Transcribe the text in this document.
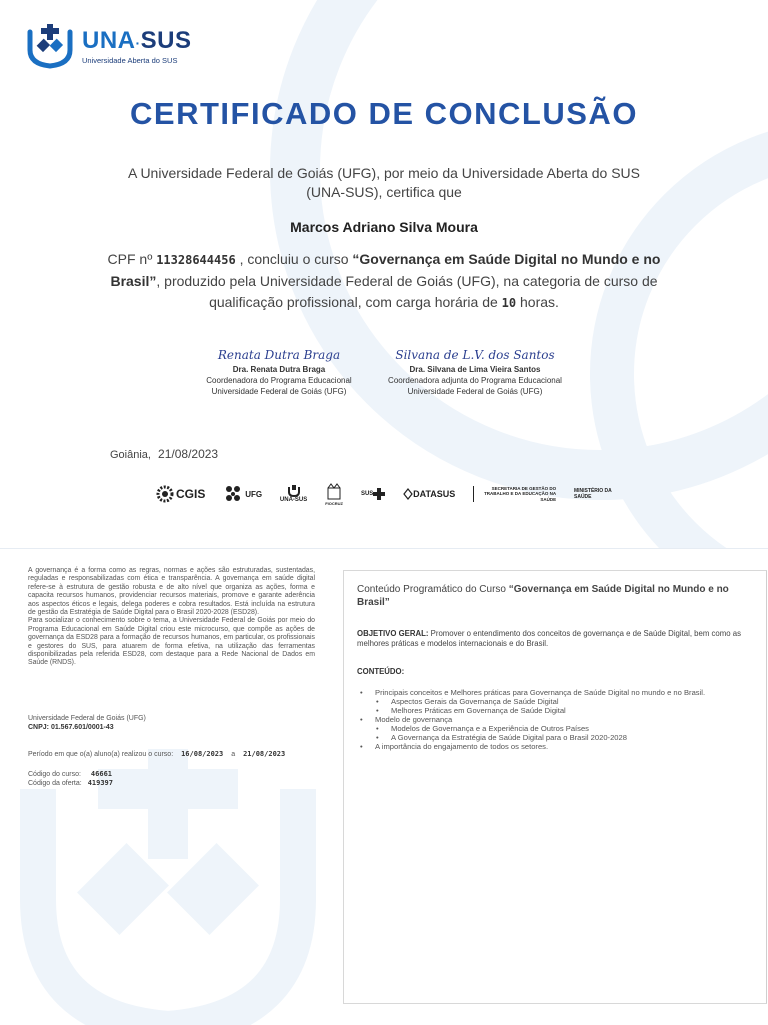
UNA·SUS
Universidade Aberta do SUS
CERTIFICADO DE CONCLUSÃO
A Universidade Federal de Goiás (UFG), por meio da Universidade Aberta do SUS (UNA-SUS), certifica que
Marcos Adriano Silva Moura
CPF nº 11328644456 , concluiu o curso “Governança em Saúde Digital no Mundo e no Brasil”, produzido pela Universidade Federal de Goiás (UFG), na categoria de curso de qualificação profissional, com carga horária de 10 horas.
Renata Dutra Braga
Dra. Renata Dutra Braga
Coordenadora do Programa Educacional
Universidade Federal de Goiás (UFG)
Silvana de L.V. dos Santos
Dra. Silvana de Lima Vieira Santos
Coordenadora adjunta do Programa Educacional
Universidade Federal de Goiás (UFG)
Goiânia, 21/08/2023
CGIS	UFG
UNA-SUS	FIOCRUZ
SUS	DATASUS
SECRETARIA DE GESTÃO DO TRABALHO E DA EDUCAÇÃO NA SAÚDE
MINISTÉRIO DA SAÚDE

A governança é a forma como as regras, normas e ações são estruturadas, sustentadas, reguladas e responsabilizadas com ética e transparência. A governança em saúde digital refere-se à estrutura de gestão robusta e de alto nível que organiza as ações, forma e capacita recursos humanos, providenciar recursos materiais, promove e garante aderência aos aspectos éticos e legais, delega poderes e cobra resultados. Está incluída na estrutura de gestão da Estratégia de Saúde Digital para o Brasil 2020-2028 (ESD28).

Para socializar o conhecimento sobre o tema, a Universidade Federal de Goiás por meio do Programa Educacional em Saúde Digital criou este microcurso, que compõe as ações de governança da ESD28 para a formação de recursos humanos, em particular, os profissionais e gestores do SUS, para atuarem de forma efetiva, na utilização das ferramentas disponibilizadas pela referida ESD28, com destaque para a Rede Nacional de Dados em Saúde (RNDS).

Universidade Federal de Goiás (UFG)
CNPJ: 01.567.601/0001-43
Período em que o(a) aluno(a) realizou o curso: 16/08/2023 a 21/08/2023
Código do curso: 46661
Código da oferta: 419397
Conteúdo Programático do Curso “Governança em Saúde Digital no Mundo e no Brasil”
OBJETIVO GERAL: Promover o entendimento dos conceitos de governança e de Saúde Digital, bem como as melhores práticas e modelos internacionais e do Brasil.
CONTEÚDO:
• Principais conceitos e Melhores práticas para Governança de Saúde Digital no mundo e no Brasil.
• Aspectos Gerais da Governança de Saúde Digital
• Melhores Práticas em Governança de Saúde Digital
• Modelo de governança
• Modelos de Governança e a Experiência de Outros Países
• A Governança da Estratégia de Saúde Digital para o Brasil 2020-2028
• A importância do engajamento de todos os setores.
